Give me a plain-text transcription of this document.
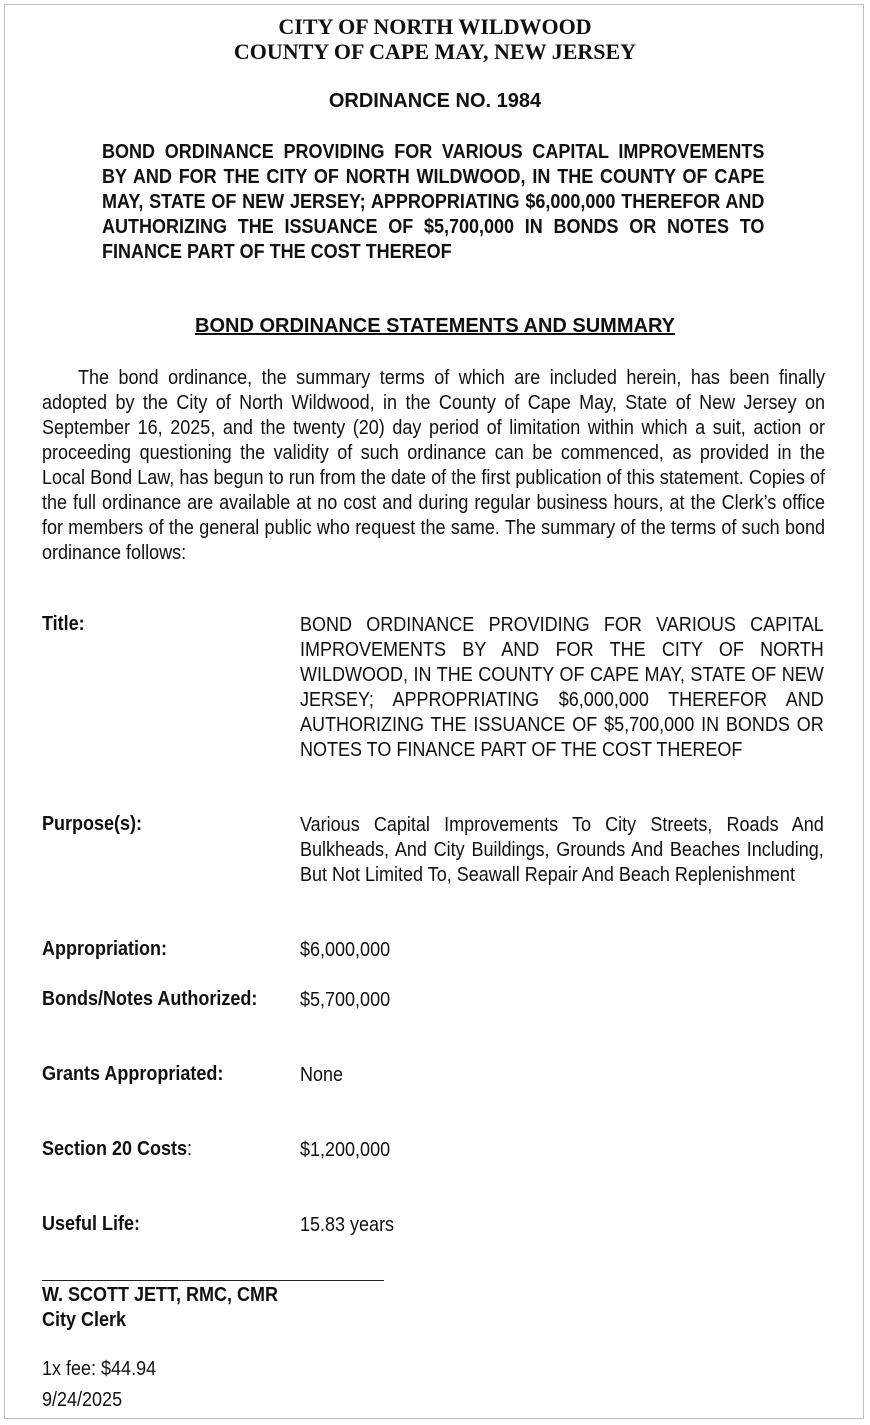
CITY OF NORTH WILDWOOD
COUNTY OF CAPE MAY, NEW JERSEY
ORDINANCE NO. 1984
BOND ORDINANCE PROVIDING FOR VARIOUS CAPITAL IMPROVEMENTS BY AND FOR THE CITY OF NORTH WILDWOOD, IN THE COUNTY OF CAPE MAY, STATE OF NEW JERSEY; APPROPRIATING $6,000,000 THEREFOR AND AUTHORIZING THE ISSUANCE OF $5,700,000 IN BONDS OR NOTES TO FINANCE PART OF THE COST THEREOF
BOND ORDINANCE STATEMENTS AND SUMMARY
The bond ordinance, the summary terms of which are included herein, has been finally adopted by the City of North Wildwood, in the County of Cape May, State of New Jersey on September 16, 2025, and the twenty (20) day period of limitation within which a suit, action or proceeding questioning the validity of such ordinance can be commenced, as provided in the Local Bond Law, has begun to run from the date of the first publication of this statement. Copies of the full ordinance are available at no cost and during regular business hours, at the Clerk’s office for members of the general public who request the same. The summary of the terms of such bond ordinance follows:
Title:	BOND ORDINANCE PROVIDING FOR VARIOUS CAPITAL IMPROVEMENTS BY AND FOR THE CITY OF NORTH WILDWOOD, IN THE COUNTY OF CAPE MAY, STATE OF NEW JERSEY; APPROPRIATING $6,000,000 THEREFOR AND AUTHORIZING THE ISSUANCE OF $5,700,000 IN BONDS OR NOTES TO FINANCE PART OF THE COST THEREOF
Purpose(s):	Various Capital Improvements To City Streets, Roads And Bulkheads, And City Buildings, Grounds And Beaches Including, But Not Limited To, Seawall Repair And Beach Replenishment
Appropriation:	$6,000,000
Bonds/Notes Authorized: $5,700,000
Grants Appropriated:	None
Section 20 Costs:	$1,200,000
Useful Life:	15.83 years
W. SCOTT JETT, RMC, CMR
City Clerk
1x fee: $44.94
9/24/2025
